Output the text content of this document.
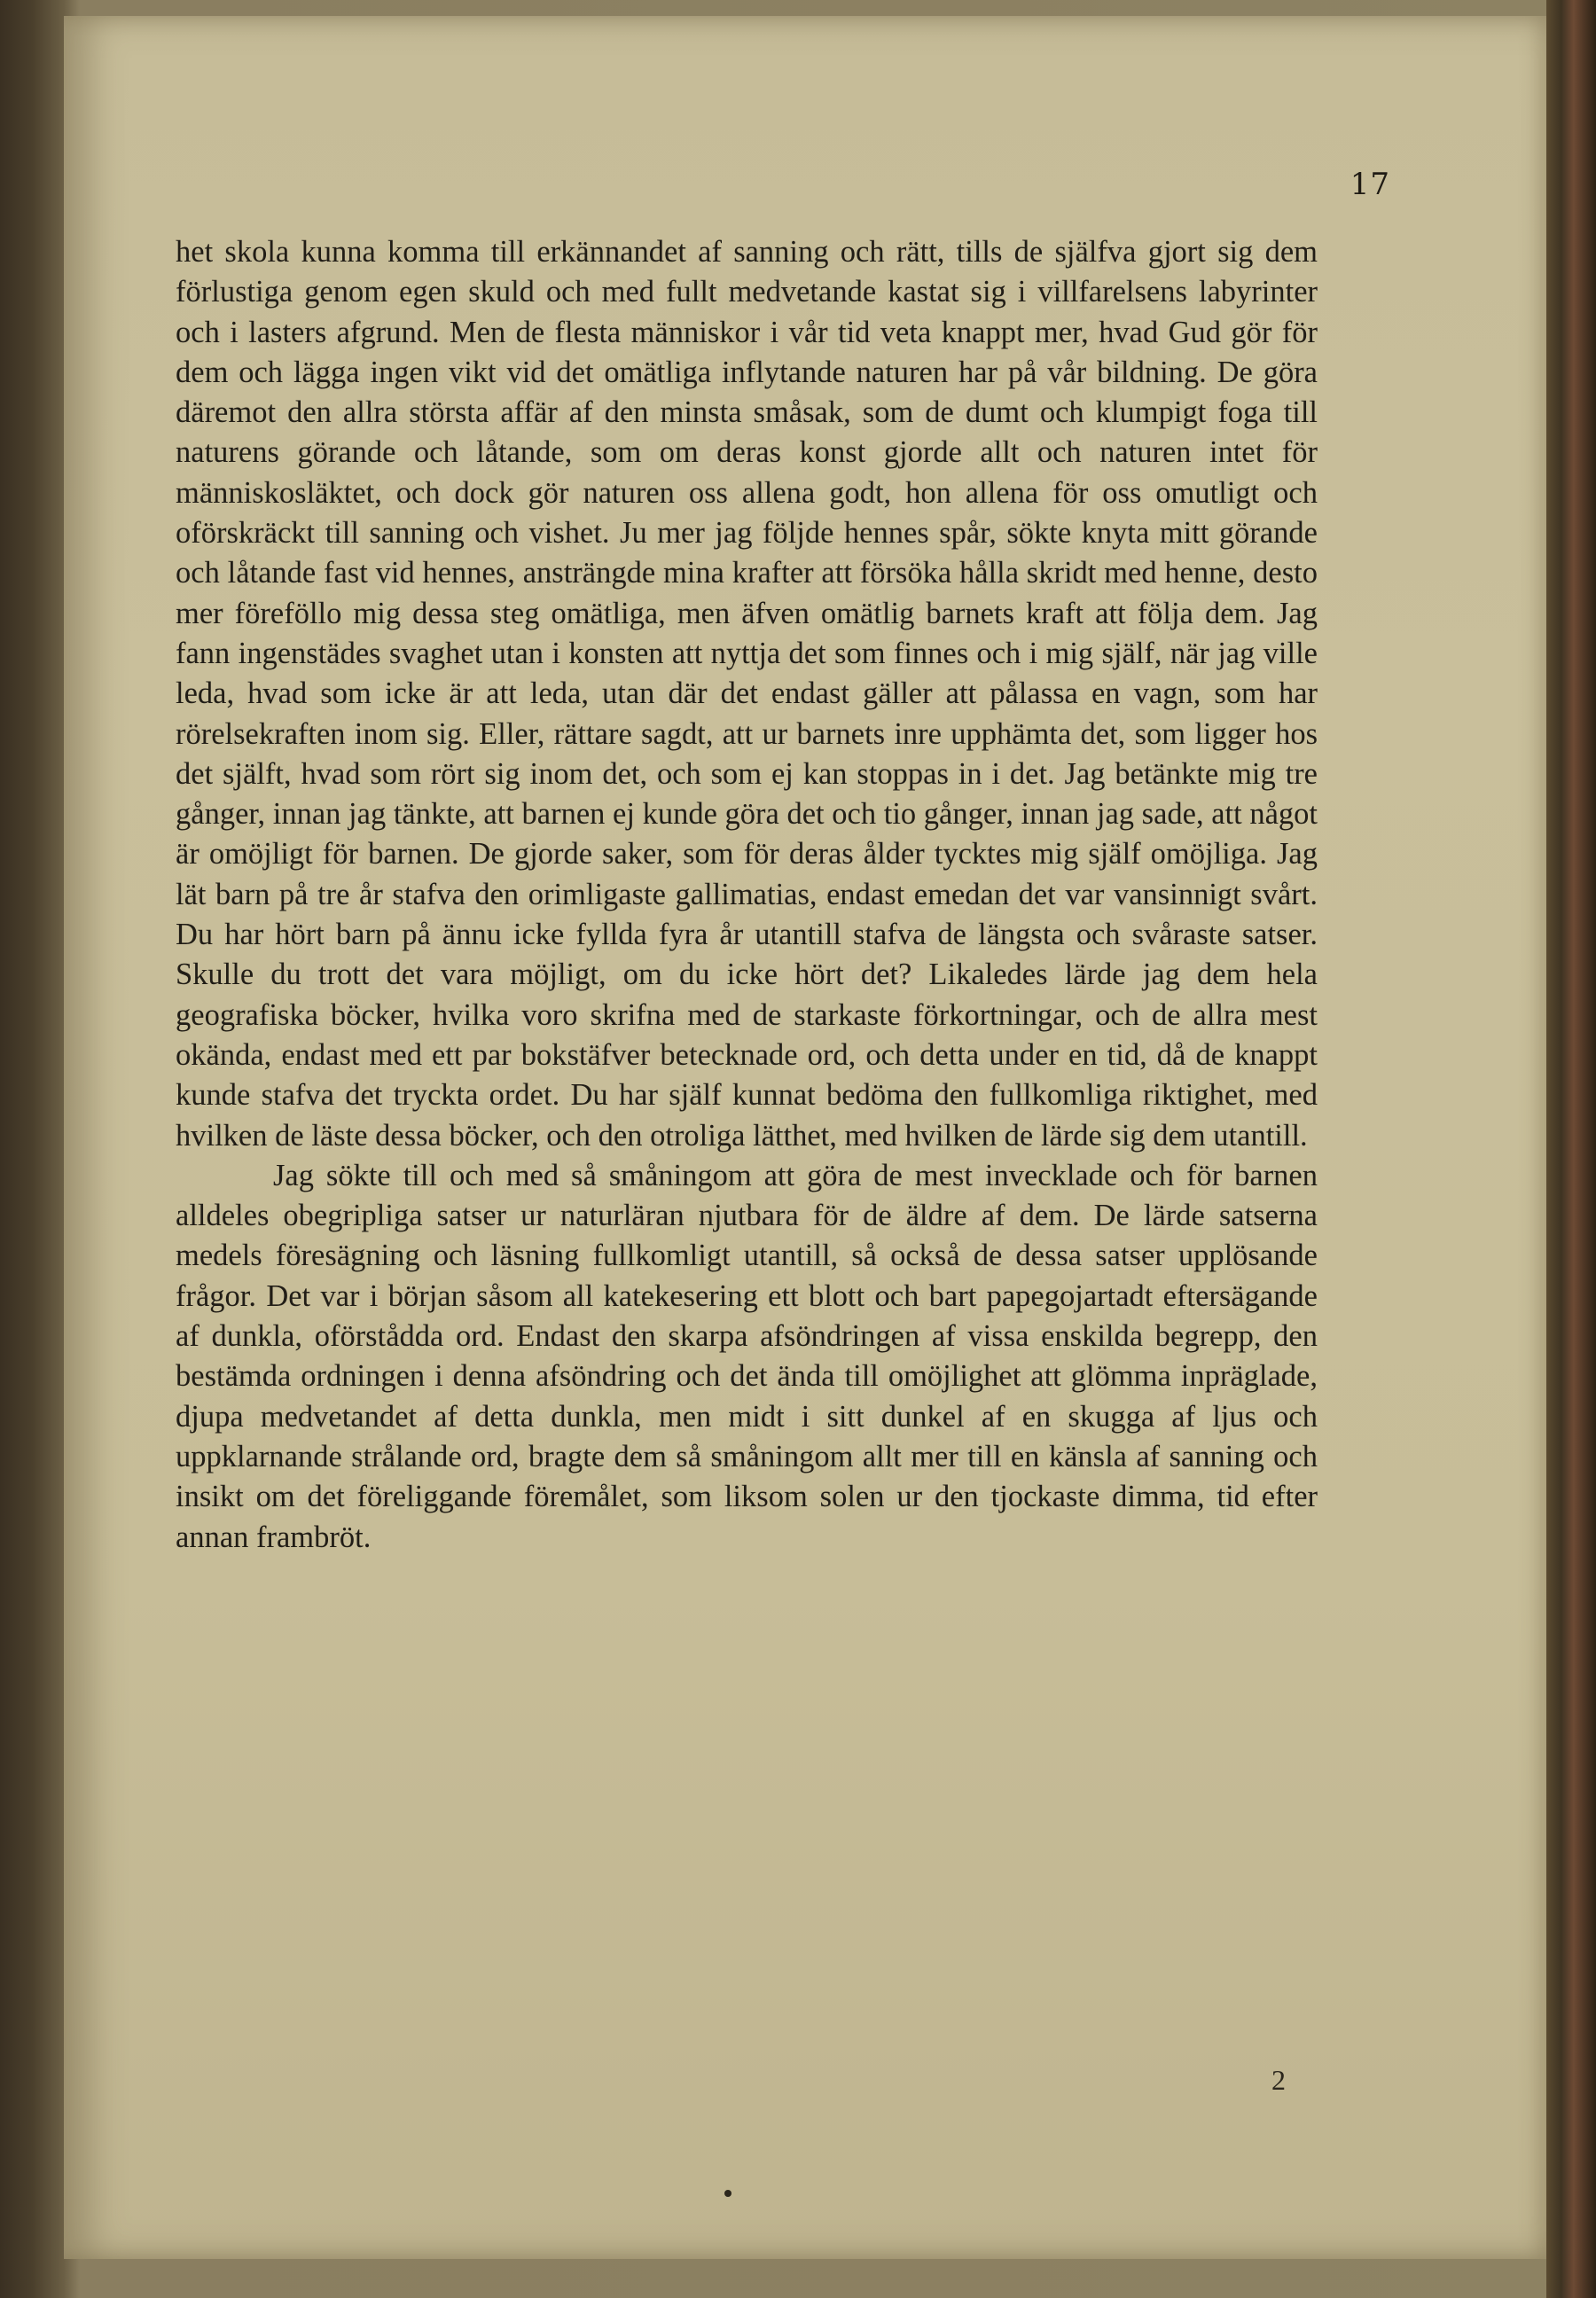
17

het skola kunna komma till erkännandet af sanning och rätt, tills de själfva gjort sig dem förlustiga genom egen skuld och med fullt medvetande kastat sig i villfarelsens labyrinter och i lasters afgrund. Men de flesta människor i vår tid veta knappt mer, hvad Gud gör för dem och lägga ingen vikt vid det omätliga inflytande naturen har på vår bildning. De göra däremot den allra största affär af den minsta småsak, som de dumt och klumpigt foga till naturens görande och låtande, som om deras konst gjorde allt och naturen intet för människosläktet, och dock gör naturen oss allena godt, hon allena för oss omutligt och oförskräckt till sanning och vishet. Ju mer jag följde hennes spår, sökte knyta mitt görande och låtande fast vid hennes, ansträngde mina krafter att försöka hålla skridt med henne, desto mer föreföllo mig dessa steg omätliga, men äfven omätlig barnets kraft att följa dem. Jag fann ingenstädes svaghet utan i konsten att nyttja det som finnes och i mig själf, när jag ville leda, hvad som icke är att leda, utan där det endast gäller att pålassa en vagn, som har rörelsekraften inom sig. Eller, rättare sagdt, att ur barnets inre upphämta det, som ligger hos det själft, hvad som rört sig inom det, och som ej kan stoppas in i det. Jag betänkte mig tre gånger, innan jag tänkte, att barnen ej kunde göra det och tio gånger, innan jag sade, att något är omöjligt för barnen. De gjorde saker, som för deras ålder tycktes mig själf omöjliga. Jag lät barn på tre år stafva den orimligaste gallimatias, endast emedan det var vansinnigt svårt. Du har hört barn på ännu icke fyllda fyra år utantill stafva de längsta och svåraste satser. Skulle du trott det vara möjligt, om du icke hört det? Likaledes lärde jag dem hela geografiska böcker, hvilka voro skrifna med de starkaste förkortningar, och de allra mest okända, endast med ett par bokstäfver betecknade ord, och detta under en tid, då de knappt kunde stafva det tryckta ordet. Du har själf kunnat bedöma den fullkomliga riktighet, med hvilken de läste dessa böcker, och den otroliga lätthet, med hvilken de lärde sig dem utantill.

Jag sökte till och med så småningom att göra de mest invecklade och för barnen alldeles obegripliga satser ur naturläran njutbara för de äldre af dem. De lärde satserna medels föresägning och läsning fullkomligt utantill, så också de dessa satser upplösande frågor. Det var i början såsom all katekesering ett blott och bart papegojartadt eftersägande af dunkla, oförstådda ord. Endast den skarpa afsöndringen af vissa enskilda begrepp, den bestämda ordningen i denna afsöndring och det ända till omöjlighet att glömma inpräglade, djupa medvetandet af detta dunkla, men midt i sitt dunkel af en skugga af ljus och uppklarnande strålande ord, bragte dem så småningom allt mer till en känsla af sanning och insikt om det föreliggande föremålet, som liksom solen ur den tjockaste dimma, tid efter annan frambröt.

2
